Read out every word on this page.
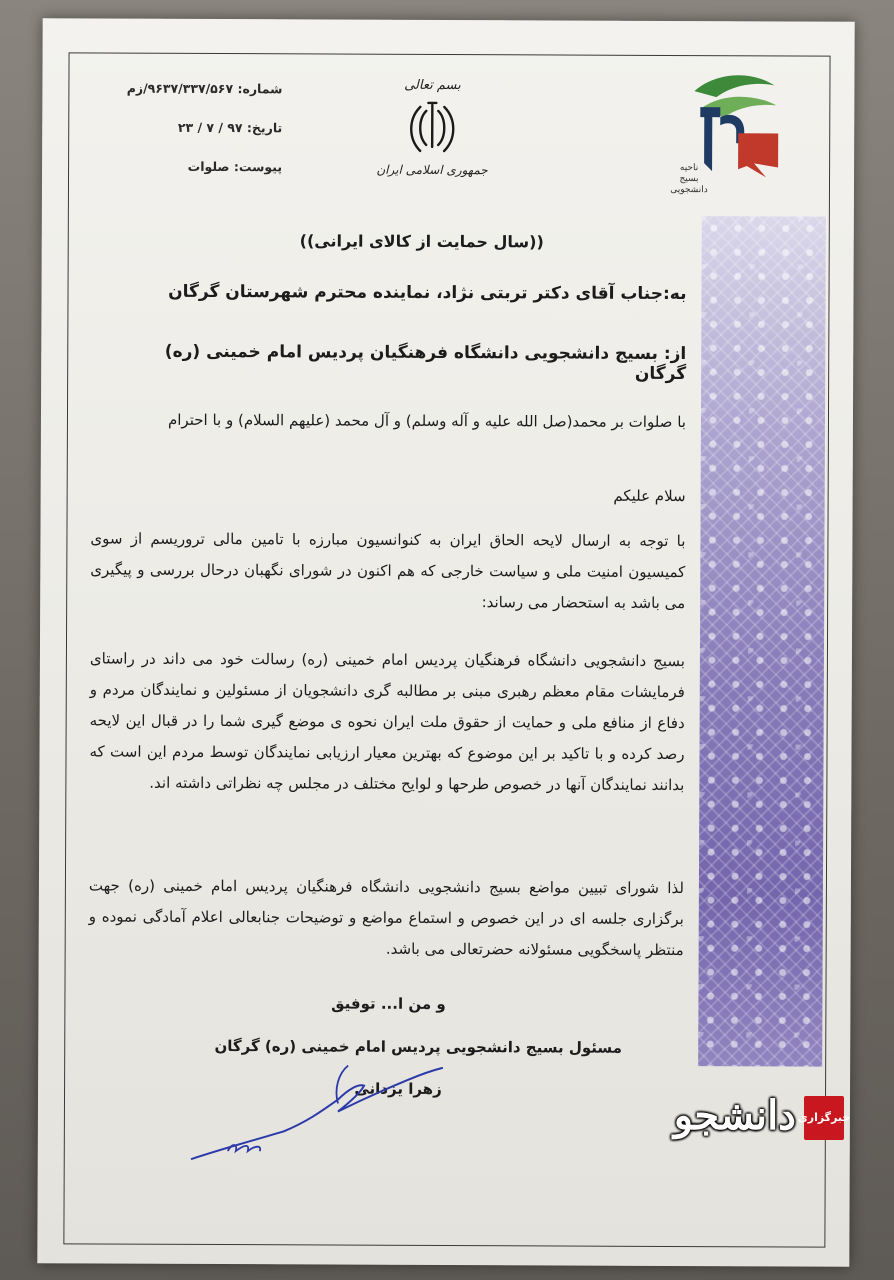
شماره: ۹۶۳۷/۳۳۷/۵۶۷/زم
تاریخ: ۹۷ / ۷ / ۲۳
پیوست: صلوات
بسم تعالی
جمهوری اسلامی ایران	ناحیه
بسیج
دانشجویی
((سال حمایت از کالای ایرانی))
به:جناب آقای دکتر تربتی نژاد، نماینده محترم شهرستان گرگان
از: بسیج دانشجویی دانشگاه فرهنگیان پردیس امام خمینی (ره) گرگان
با صلوات بر محمد(صل الله علیه و آله وسلم) و آل محمد (علیهم السلام) و با احترام
سلام علیکم
با توجه به ارسال لایحه الحاق ایران به کنوانسیون مبارزه با تامین مالی تروریسم از سوی کمیسیون امنیت ملی و سیاست خارجی که هم اکنون در شورای نگهبان درحال بررسی و پیگیری می باشد به استحضار می رساند:
بسیج دانشجویی دانشگاه فرهنگیان پردیس امام خمینی (ره) رسالت خود می داند در راستای فرمایشات مقام معظم رهبری مبنی بر مطالبه گری دانشجویان از مسئولین و نمایندگان مردم و دفاع از منافع ملی و حمایت از حقوق ملت ایران نحوه ی موضع گیری شما را در قبال این لایحه رصد کرده و با تاکید بر این موضوع که بهترین معیار ارزیابی نمایندگان توسط مردم این است که بدانند نمایندگان آنها در خصوص طرحها و لوایح مختلف در مجلس چه نظراتی داشته اند.
لذا شورای تبیین مواضع بسیج دانشجویی دانشگاه فرهنگیان پردیس امام خمینی (ره) جهت برگزاری جلسه ای در این خصوص و استماع مواضع و توضیحات جنابعالی اعلام آمادگی نموده و منتظر پاسخگویی مسئولانه حضرتعالی می باشد.
و من ا... توفیق
مسئول بسیج دانشجویی پردیس امام خمینی (ره) گرگان
زهرا یزدانی
دانشجو خبرگزاری
